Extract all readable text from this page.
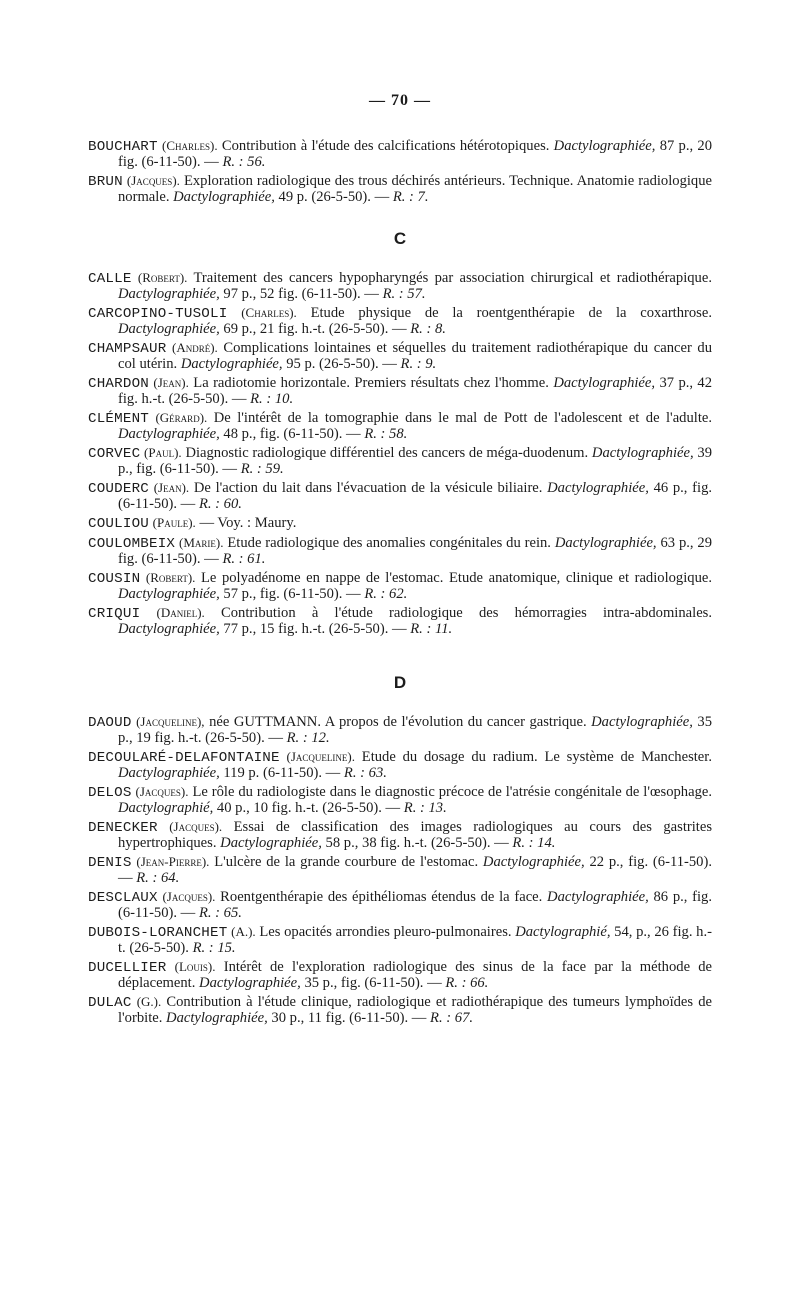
— 70 —
BOUCHART (Charles). Contribution à l'étude des calcifications hétérotopiques. Dactylographiée, 87 p., 20 fig. (6-11-50). — R. : 56.
BRUN (Jacques). Exploration radiologique des trous déchirés antérieurs. Technique. Anatomie radiologique normale. Dactylographiée, 49 p. (26-5-50). — R. : 7.
C
CALLE (Robert). Traitement des cancers hypopharyngés par association chirurgical et radiothérapique. Dactylographiée, 97 p., 52 fig. (6-11-50). — R. : 57.
CARCOPINO-TUSOLI (Charles). Etude physique de la roentgenthérapie de la coxarthrose. Dactylographiée, 69 p., 21 fig. h.-t. (26-5-50). — R. : 8.
CHAMPSAUR (André). Complications lointaines et séquelles du traitement radiothérapique du cancer du col utérin. Dactylographiée, 95 p. (26-5-50). — R. : 9.
CHARDON (Jean). La radiotomie horizontale. Premiers résultats chez l'homme. Dactylographiée, 37 p., 42 fig. h.-t. (26-5-50). — R. : 10.
CLÉMENT (Gérard). De l'intérêt de la tomographie dans le mal de Pott de l'adolescent et de l'adulte. Dactylographiée, 48 p., fig. (6-11-50). — R. : 58.
CORVEC (Paul). Diagnostic radiologique différentiel des cancers de méga-duodenum. Dactylographiée, 39 p., fig. (6-11-50). — R. : 59.
COUDERC (Jean). De l'action du lait dans l'évacuation de la vésicule biliaire. Dactylographiée, 46 p., fig. (6-11-50). — R. : 60.
COULIOU (Paule). — Voy. : Maury.
COULOMBEIX (Marie). Etude radiologique des anomalies congénitales du rein. Dactylographiée, 63 p., 29 fig. (6-11-50). — R. : 61.
COUSIN (Robert). Le polyadénome en nappe de l'estomac. Etude anatomique, clinique et radiologique. Dactylographiée, 57 p., fig. (6-11-50). — R. : 62.
CRIQUI (Daniel). Contribution à l'étude radiologique des hémorragies intra-abdominales. Dactylographiée, 77 p., 15 fig. h.-t. (26-5-50). — R. : 11.
D
DAOUD (Jacqueline), née GUTTMANN. A propos de l'évolution du cancer gastrique. Dactylographiée, 35 p., 19 fig. h.-t. (26-5-50). — R. : 12.
DECOULARÉ-DELAFONTAINE (Jacqueline). Etude du dosage du radium. Le système de Manchester. Dactylographiée, 119 p. (6-11-50). — R. : 63.
DELOS (Jacques). Le rôle du radiologiste dans le diagnostic précoce de l'atrésie congénitale de l'œsophage. Dactylographié, 40 p., 10 fig. h.-t. (26-5-50). — R. : 13.
DENECKER (Jacques). Essai de classification des images radiologiques au cours des gastrites hypertrophiques. Dactylographiée, 58 p., 38 fig. h.-t. (26-5-50). — R. : 14.
DENIS (Jean-Pierre). L'ulcère de la grande courbure de l'estomac. Dactylographiée, 22 p., fig. (6-11-50). — R. : 64.
DESCLAUX (Jacques). Roentgenthérapie des épithéliomas étendus de la face. Dactylographiée, 86 p., fig. (6-11-50). — R. : 65.
DUBOIS-LORANCHET (A.). Les opacités arrondies pleuro-pulmonaires. Dactylographié, 54, p., 26 fig. h.-t. (26-5-50). R. : 15.
DUCELLIER (Louis). Intérêt de l'exploration radiologique des sinus de la face par la méthode de déplacement. Dactylographiée, 35 p., fig. (6-11-50). — R. : 66.
DULAC (G.). Contribution à l'étude clinique, radiologique et radiothérapique des tumeurs lymphoïdes de l'orbite. Dactylographiée, 30 p., 11 fig. (6-11-50). — R. : 67.
